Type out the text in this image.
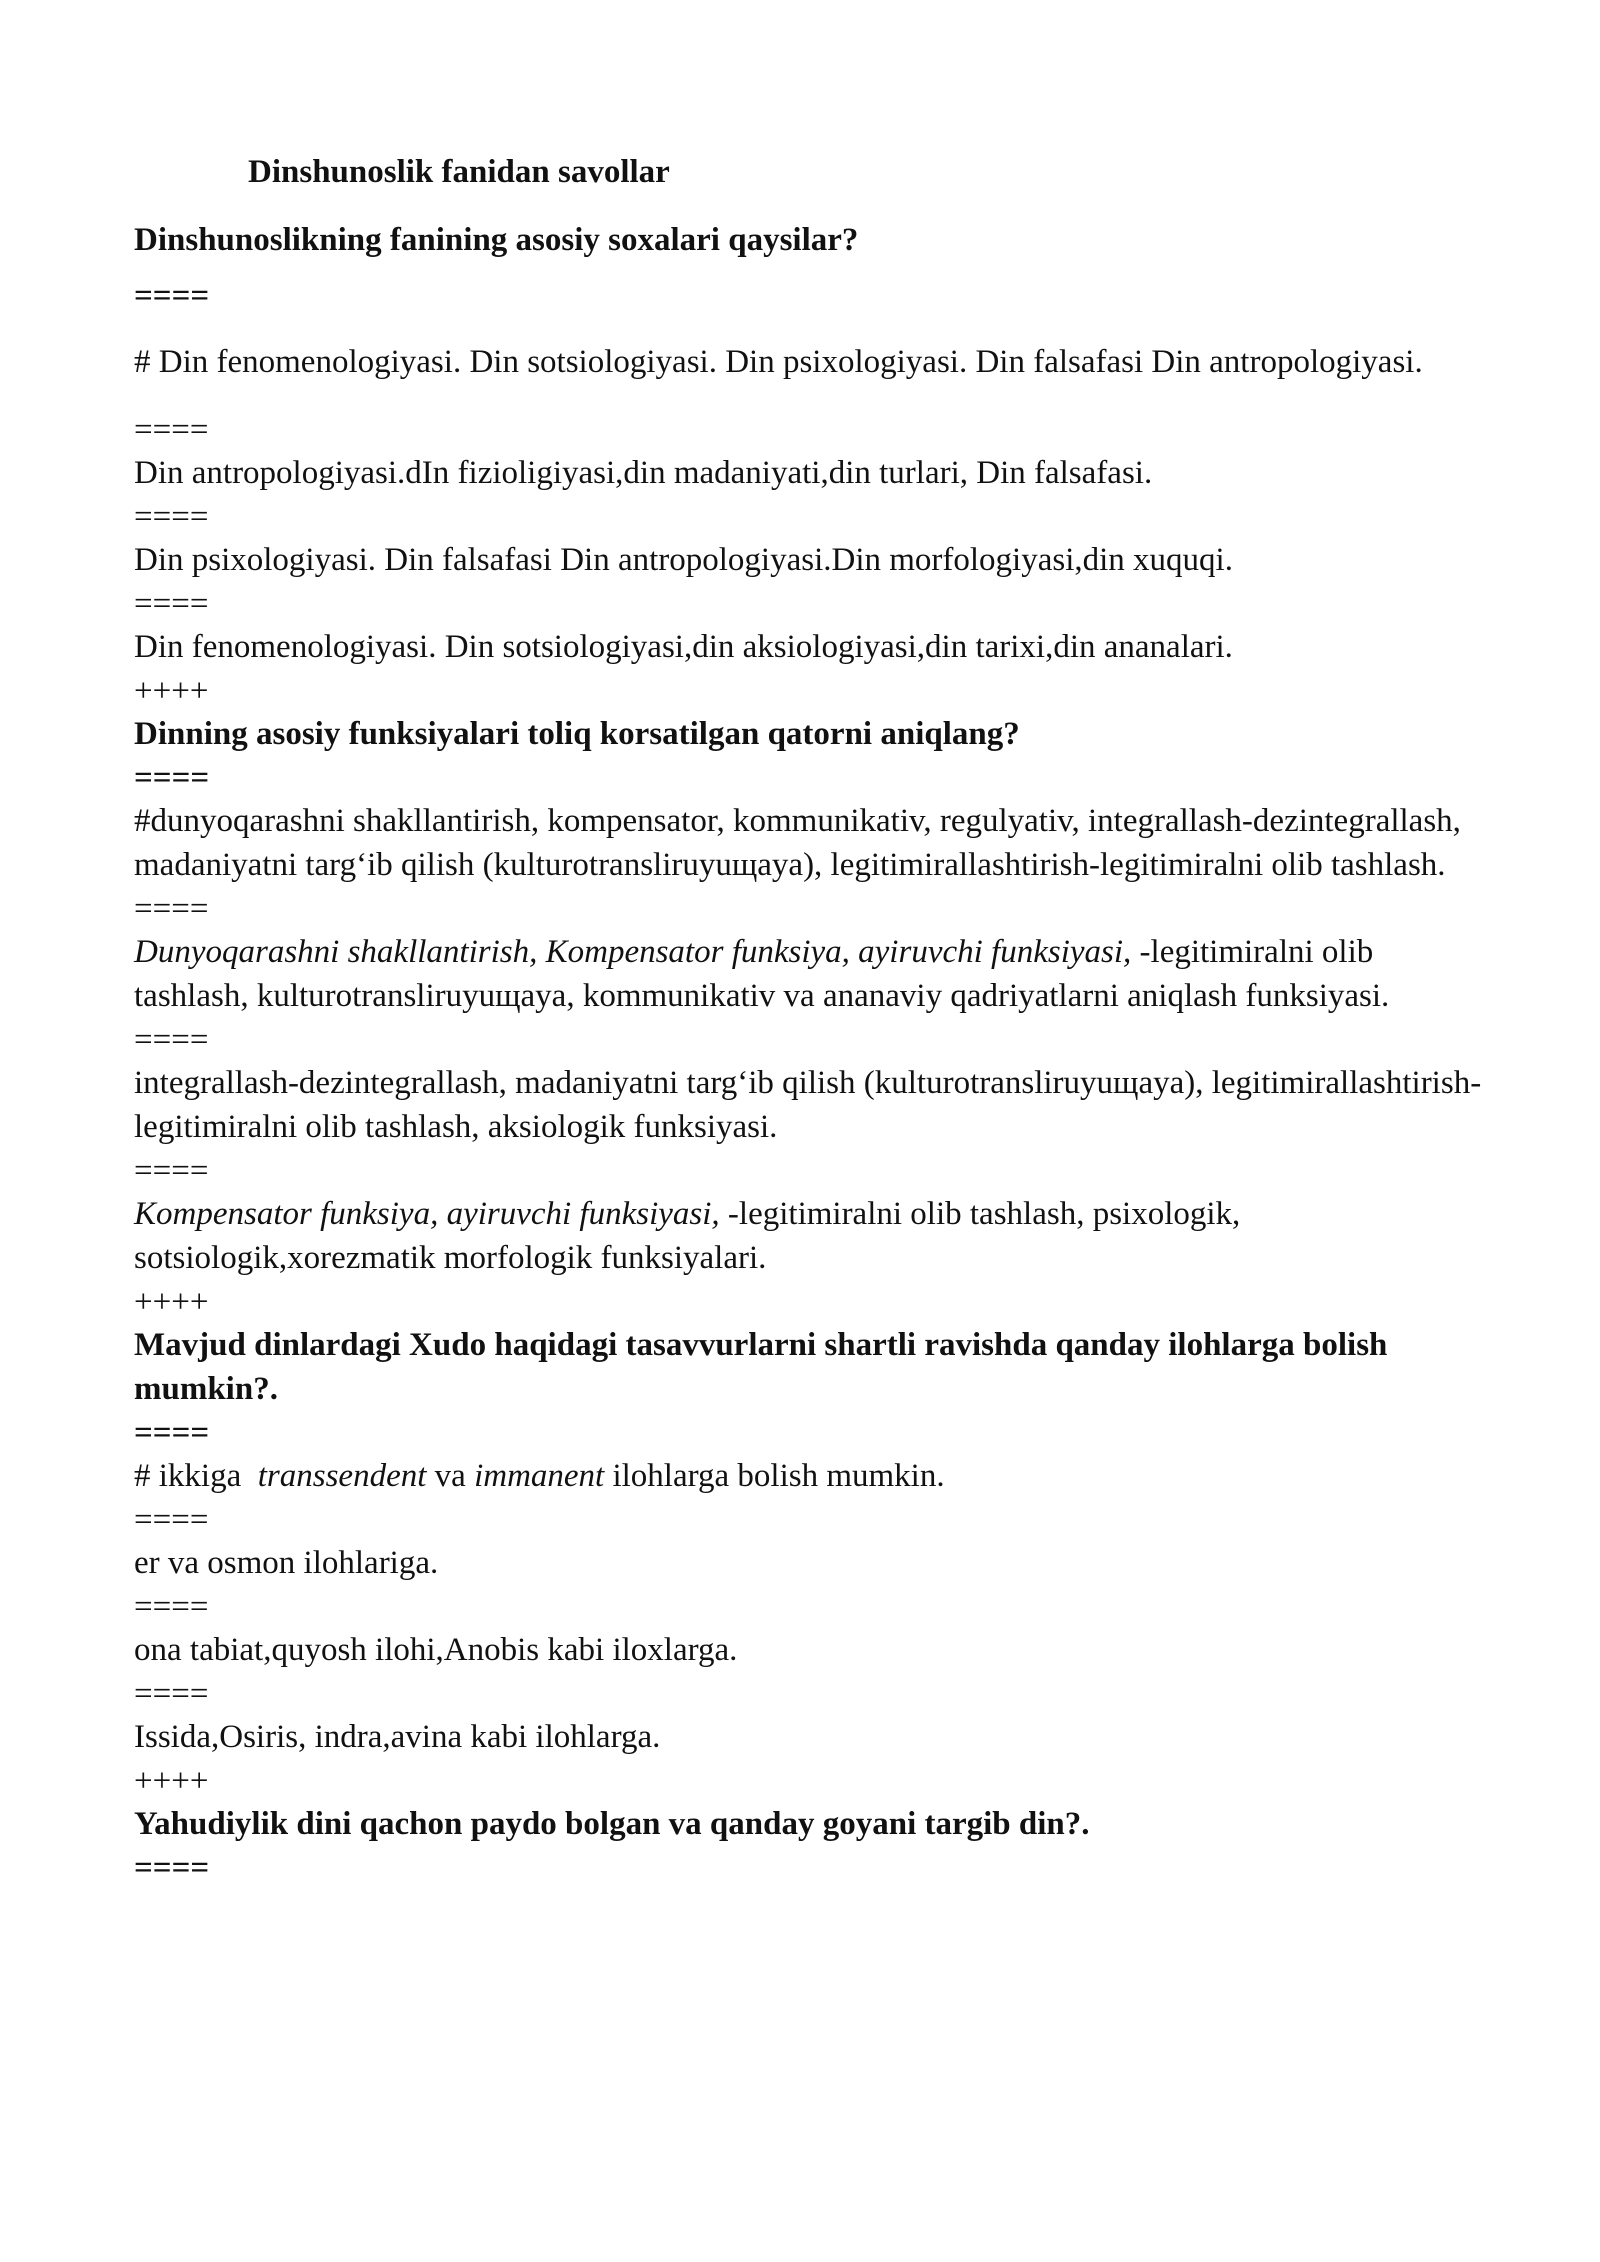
Dinshunoslik fanidan savollar
Dinshunoslikning fanining asosiy soxalari qaysilar?
====
# Din fenomenologiyasi. Din sotsiologiyasi. Din psixologiyasi. Din falsafasi Din antropologiyasi.
====
Din antropologiyasi.dIn fizioligiyasi,din madaniyati,din turlari, Din falsafasi.
====
Din psixologiyasi. Din falsafasi Din antropologiyasi.Din morfologiyasi,din xuquqi.
====
Din fenomenologiyasi. Din sotsiologiyasi,din aksiologiyasi,din tarixi,din ananalari.
++++
Dinning asosiy funksiyalari toliq korsatilgan qatorni aniqlang?
====
#dunyoqarashni shakllantirish, kompensator, kommunikativ, regulyativ, integrallash-dezintegrallash, madaniyatni targ‘ib qilish (kulturotransliruyuщaya), legitimirallashtirish-legitimiralni olib tashlash.
====
Dunyoqarashni shakllantirish, Kompensator funksiya, ayiruvchi funksiyasi, -legitimiralni olib tashlash, kulturotransliruyuщaya, kommunikativ va ananaviy qadriyatlarni aniqlash funksiyasi.
====
integrallash-dezintegrallash, madaniyatni targ‘ib qilish (kulturotransliruyuщaya), legitimirallashtirish-legitimiralni olib tashlash, aksiologik funksiyasi.
====
Kompensator funksiya, ayiruvchi funksiyasi, -legitimiralni olib tashlash, psixologik, sotsiologik,xorezmatik morfologik funksiyalari.
++++
Mavjud dinlardagi Xudo haqidagi tasavvurlarni shartli ravishda qanday ilohlarga bolish mumkin?.
====
# ikkiga  transsendent va immanent ilohlarga bolish mumkin.
====
er va osmon ilohlariga.
====
ona tabiat,quyosh ilohi,Anobis kabi iloxlarga.
====
Issida,Osiris, indra,avina kabi ilohlarga.
++++
Yahudiylik dini qachon paydo bolgan va qanday goyani targib din?.
====
